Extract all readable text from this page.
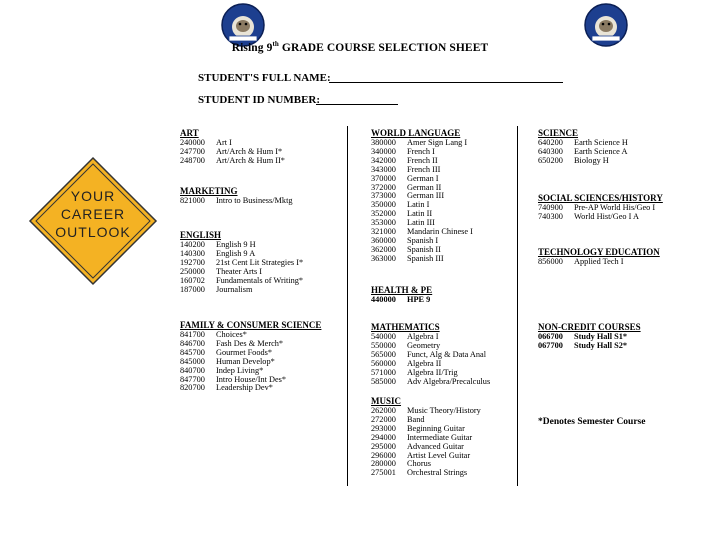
Rising 9th GRADE COURSE SELECTION SHEET
STUDENT'S FULL NAME:
STUDENT ID NUMBER:
YOUR
CAREER
OUTLOOK
ART
240000 Art I
247700 Art/Arch & Hum I*
248700 Art/Arch & Hum II*
MARKETING
821000 Intro to Business/Mktg
ENGLISH
140200 English 9 H
140300 English 9 A
192700 21st Cent Lit Strategies I*
250000 Theater Arts I
160702 Fundamentals of Writing*
187000 Journalism
FAMILY & CONSUMER SCIENCE
841700 Choices*
846700 Fash Des & Merch*
845700 Gourmet Foods*
845000 Human Develop*
840700 Indep Living*
847700 Intro House/Int Des*
820700 Leadership Dev*
WORLD LANGUAGE
380000 Amer Sign Lang I
340000 French I
342000 French II
343000 French III
370000 German I
372000 German II
373000 German III
350000 Latin I
352000 Latin II
353000 Latin III
321000 Mandarin Chinese I
360000 Spanish I
362000 Spanish II
363000 Spanish III
HEALTH & PE
440000 HPE 9
MATHEMATICS
540000 Algebra I
550000 Geometry
565000 Funct, Alg & Data Anal
560000 Algebra II
571000 Algebra II/Trig
585000 Adv Algebra/Precalculus
MUSIC
262000 Music Theory/History
272000 Band
293000 Beginning Guitar
294000 Intermediate Guitar
295000 Advanced Guitar
296000 Artist Level Guitar
280000 Chorus
275001 Orchestral Strings
SCIENCE
640200 Earth Science H
640300 Earth Science A
650200 Biology H
SOCIAL SCIENCES/HISTORY
740900 Pre-AP World His/Geo I
740300 World Hist/Geo I A
TECHNOLOGY EDUCATION
856000 Applied Tech I
NON-CREDIT COURSES
066700 Study Hall S1*
067700 Study Hall S2*
*Denotes Semester Course
